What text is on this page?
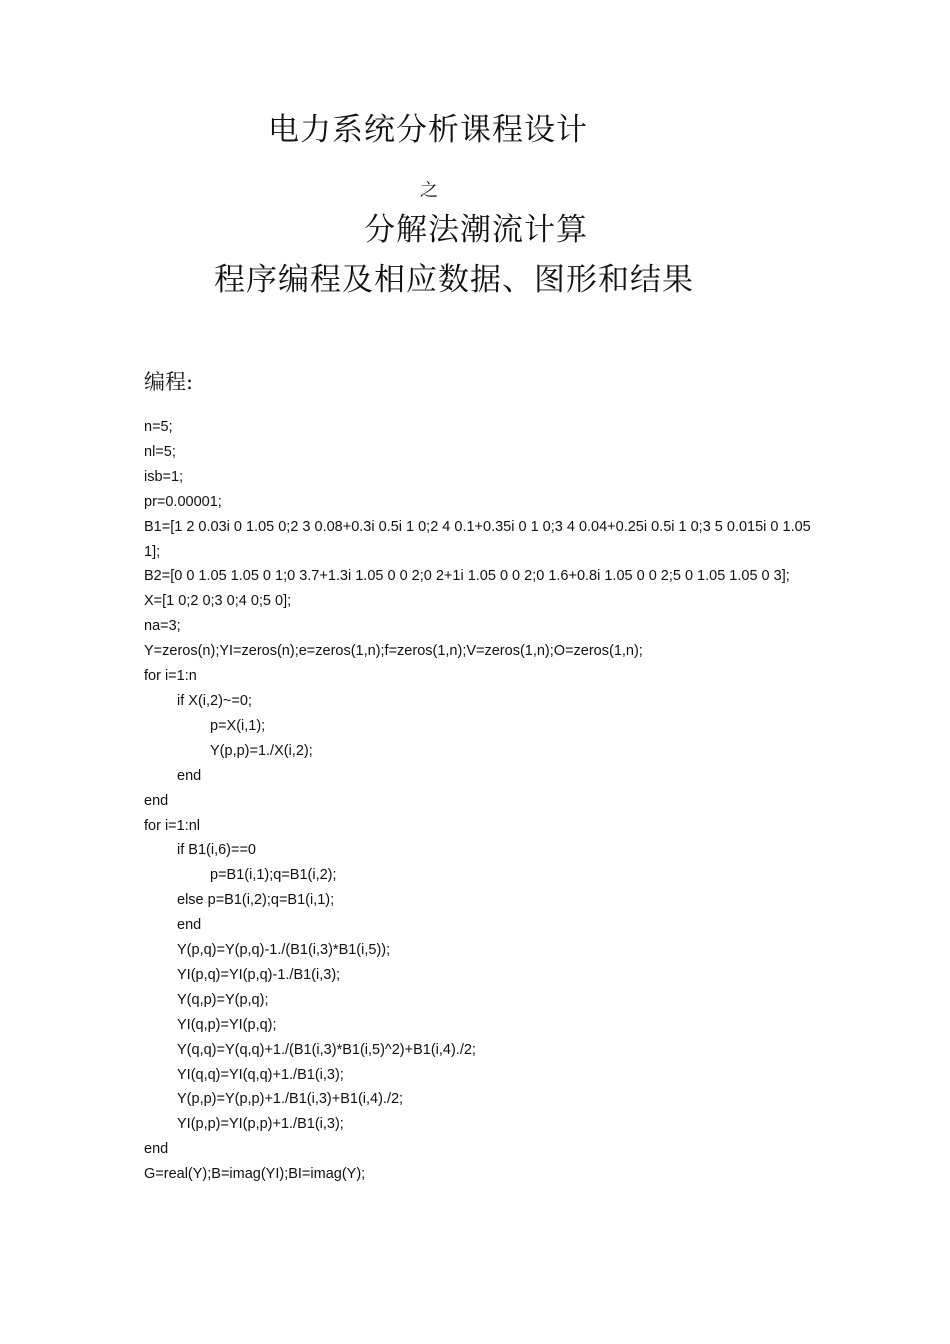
电力系统分析课程设计
之
分解法潮流计算
程序编程及相应数据、图形和结果
编程:
n=5;
nl=5;
isb=1;
pr=0.00001;
B1=[1 2 0.03i 0 1.05 0;2 3 0.08+0.3i 0.5i 1 0;2 4 0.1+0.35i 0 1 0;3 4 0.04+0.25i 0.5i 1 0;3 5 0.015i 0 1.05 1];
B2=[0 0 1.05 1.05 0 1;0 3.7+1.3i 1.05 0 0 2;0 2+1i 1.05 0 0 2;0 1.6+0.8i 1.05 0 0 2;5 0 1.05 1.05 0 3];
X=[1 0;2 0;3 0;4 0;5 0];
na=3;
Y=zeros(n);YI=zeros(n);e=zeros(1,n);f=zeros(1,n);V=zeros(1,n);O=zeros(1,n);
for i=1:n
if X(i,2)~=0;
p=X(i,1);
Y(p,p)=1./X(i,2);
end
end
for i=1:nl
if B1(i,6)==0
p=B1(i,1);q=B1(i,2);
else p=B1(i,2);q=B1(i,1);
end
Y(p,q)=Y(p,q)-1./(B1(i,3)*B1(i,5));
YI(p,q)=YI(p,q)-1./B1(i,3);
Y(q,p)=Y(p,q);
YI(q,p)=YI(p,q);
Y(q,q)=Y(q,q)+1./(B1(i,3)*B1(i,5)^2)+B1(i,4)./2;
YI(q,q)=YI(q,q)+1./B1(i,3);
Y(p,p)=Y(p,p)+1./B1(i,3)+B1(i,4)./2;
YI(p,p)=YI(p,p)+1./B1(i,3);
end
G=real(Y);B=imag(YI);BI=imag(Y);
